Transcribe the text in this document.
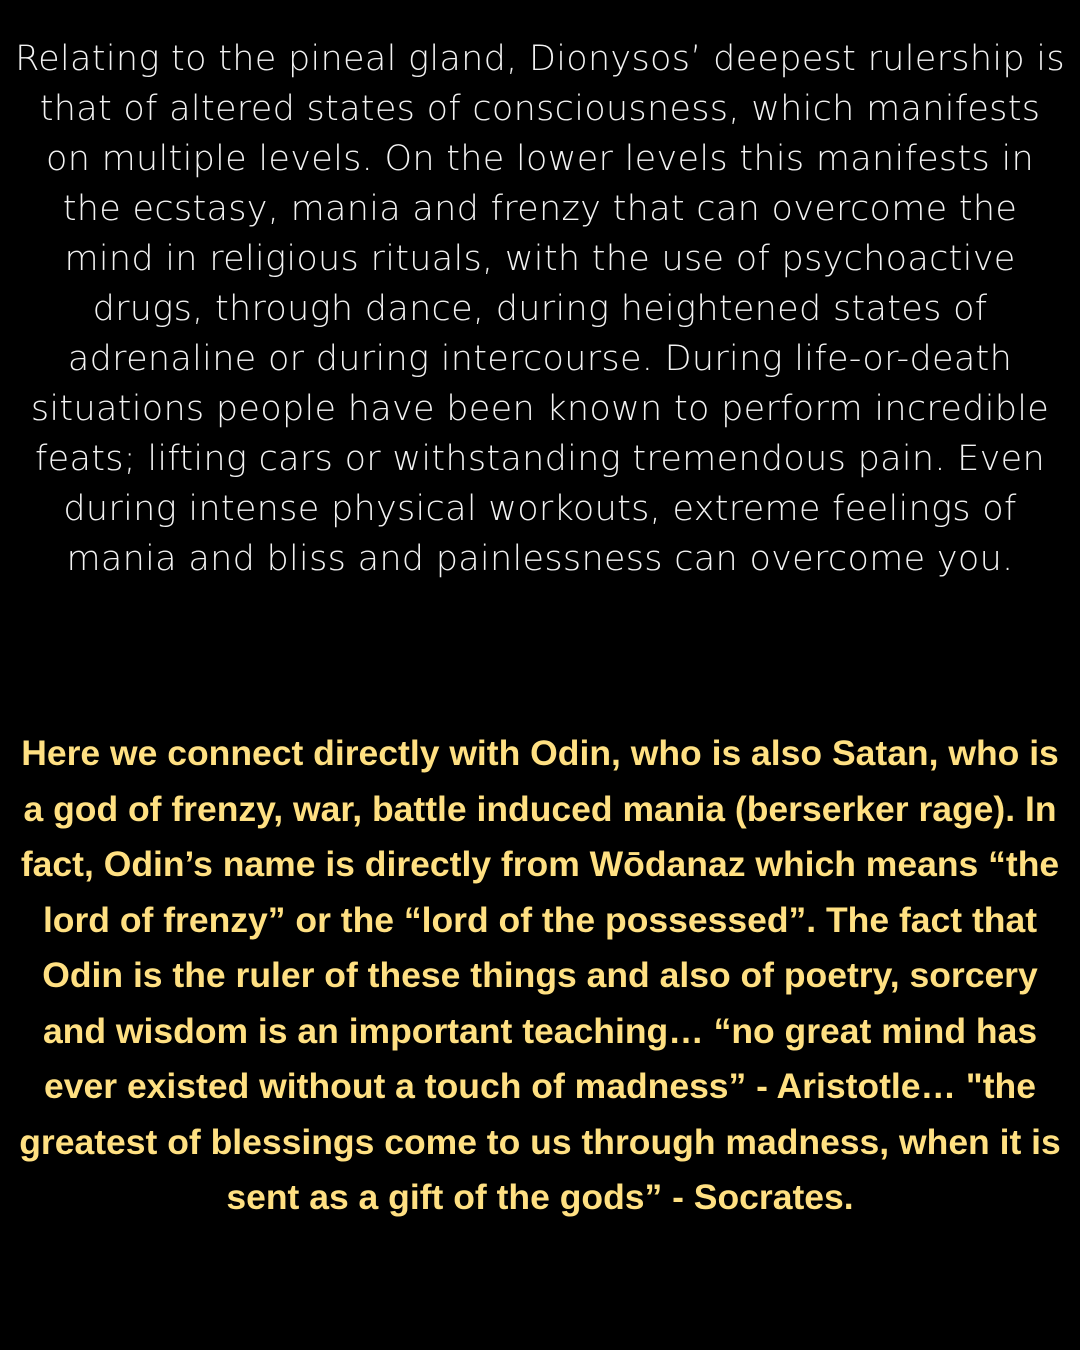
Relating to the pineal gland, Dionysos’ deepest rulership is that of altered states of consciousness, which manifests on multiple levels. On the lower levels this manifests in the ecstasy, mania and frenzy that can overcome the mind in religious rituals, with the use of psychoactive drugs, through dance, during heightened states of adrenaline or during intercourse. During life-or-death situations people have been known to perform incredible feats; lifting cars or withstanding tremendous pain. Even during intense physical workouts, extreme feelings of mania and bliss and painlessness can overcome you.

Here we connect directly with Odin, who is also Satan, who is a god of frenzy, war, battle induced mania (berserker rage). In fact, Odin’s name is directly from Wōdanaz which means “the lord of frenzy” or the “lord of the possessed”. The fact that Odin is the ruler of these things and also of poetry, sorcery and wisdom is an important teaching… “no great mind has ever existed without a touch of madness” - Aristotle… "the greatest of blessings come to us through madness, when it is sent as a gift of the gods” - Socrates.
